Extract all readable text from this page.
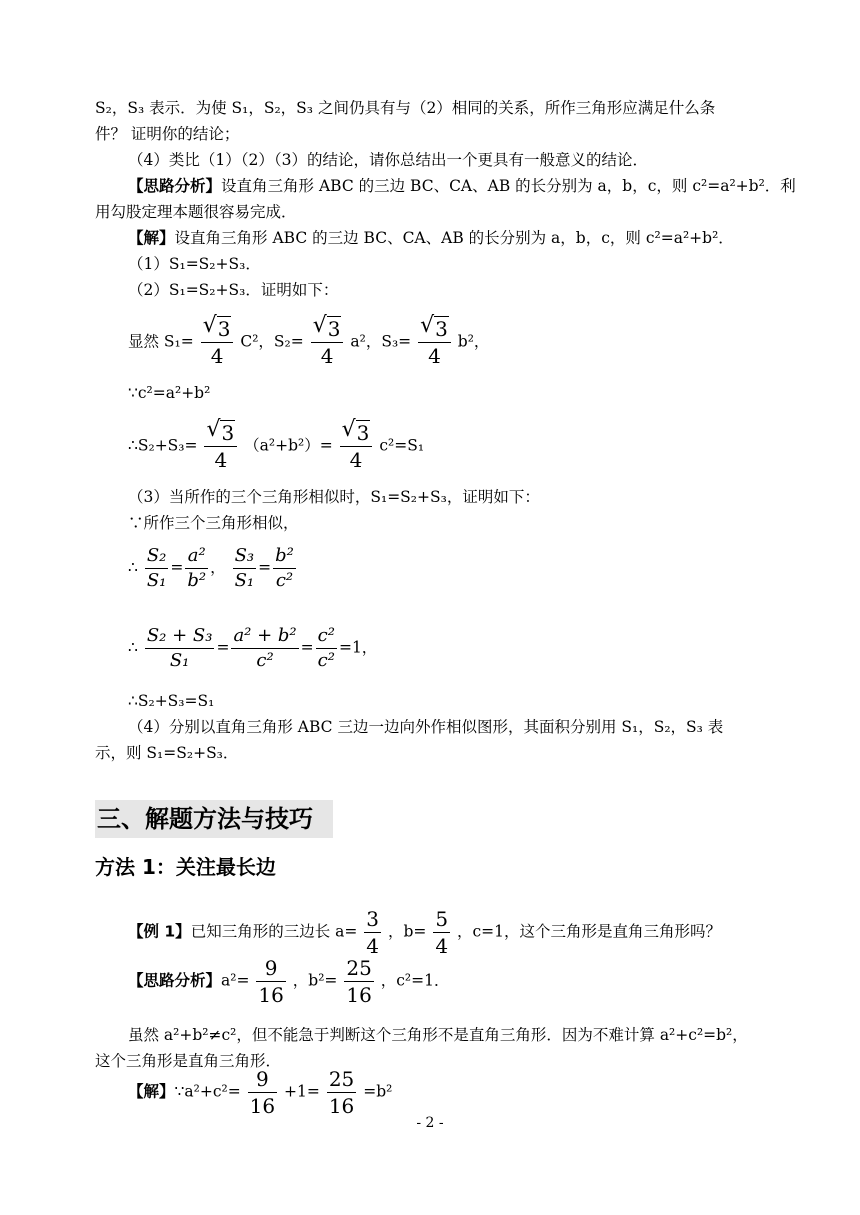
S₂，S₃ 表示．为使 S₁，S₂，S₃ 之间仍具有与（2）相同的关系，所作三角形应满足什么条
件？ 证明你的结论；
（4）类比（1）（2）（3）的结论，请你总结出一个更具有一般意义的结论．
【思路分析】设直角三角形 ABC 的三边 BC、CA、AB 的长分别为 a，b，c，则 c²=a²+b²．利
用勾股定理本题很容易完成．
【解】设直角三角形 ABC 的三边 BC、CA、AB 的长分别为 a，b，c，则 c²=a²+b²．
（1）S₁=S₂+S₃．
（2）S₁=S₂+S₃．证明如下：
显然 $S_1= \frac{√ 3}{4} C^2$，$S_2= \frac{√ 3}{4} a^2$，$S_3= \frac{√ 3}{4} b^2$，
∵c²=a²+b²
∴S₂+S₃= $\frac{√ 3}{4} (a^2+b^2)= \frac{√ 3}{4} c^2=S_1$
（3）当所作的三个三角形相似时，S₁=S₂+S₃，证明如下：
∵所作三个三角形相似，
∴ $\frac{\text{S₂}}{\text{S₁}} = \frac{\text{a²}}{\text{b²}}$ ， $\frac{\text{S₃}}{\text{S₁}} = \frac{\text{b²}}{\text{c²}}$
∴ $\frac{\text{S₂ + S₃}}{\text{S₁}} = \frac{\text{a² + b²}}{\text{c²}} = \frac{\text{c²}}{\text{c²}} =1$，
∴S₂+S₃=S₁
（4）分别以直角三角形 ABC 三边一边向外作相似图形，其面积分别用 S₁，S₂，S₃ 表
示，则 S₁=S₂+S₃．
三、解题方法与技巧
方法 1：关注最长边
【例 1】已知三角形的三边长 $a= \frac{3}{4}$ ，$b= \frac{5}{4}$ ，c=1，这个三角形是直角三角形吗？
【思路分析】$a^2= \frac{9}{16}$ ，$b^2= \frac{25}{16}$ ，c²=1．
虽然 a²+b²≠c²，但不能急于判断这个三角形不是直角三角形．因为不难计算 a²+c²=b²，
这个三角形是直角三角形．
【解】∵a²+c²= $\frac{9}{16} +1= \frac{25}{16} =b^2$
- 2 -
